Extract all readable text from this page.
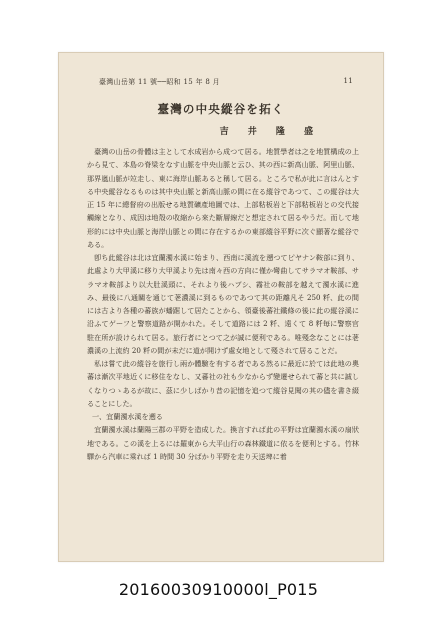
臺灣山岳第 11 號──昭和 15 年 8 月	11
臺灣の中央縱谷を拓く
吉 井 隆 盛

臺灣の山岳の骨體は主として水成岩から成つて居る。地質學者は之を地質構成の上から見て、本島の脊梁をなす山脈を中央山脈と云ひ、其の西に新高山脈、阿里山脈、那界嵐山脈が竝走し、東に海岸山脈あると稱して居る。ところで私が此に言はんとする中央縱谷なるものは其中央山脈と新高山脈の間に在る縱谷であつて、この縱谷は大正 15 年に總督府の出版せる地質礦產地圖では、上部粘板岩と下部粘板岩との交代接觸線となり、成因は地殼の收縮から來た斷層線だと想定されて居るやうだ。而して地形的には中央山脈と海岸山脈との間に存在するかの東部縱谷平野に次ぐ顯著な縱谷である。

卽ち此縱谷は北は宜蘭濁水溪に始まり、西南に溪流を遡つてピヤナン鞍部に到り、此處より大甲溪に移り大甲溪より先は南々西の方向に僅か彎曲してサラマオ鞍部、サラマオ鞍部より以大肚溪頭に、それより後ハブシ、霧社の鞍部を越えて濁水溪に進み、最後に八通關を通じて荖濃溪に到るものであつて其の距離凡そ 250 粁、此の間には古より各種の蕃族が蟠踞して居たことから、領臺後蕃社鐵條の後に此の縱谷溪に沿ふてゲーフと警察道路が開かれた。そして道路には 2 粁、遠くて 8 粁毎に警察官駐在所が設けられて居る。旅行者にとつて之が誠に便利である。唯殘念なことには荖濃溪の上流約 20 粁の間が未だに道が開けず處女地として殘されて居ることだ。

私は嘗て此の縱谷を旅行し兩か體驗を有する者である然るに最近に於ては此地の奧蕃は漸次平地近くに移住をなし、又蕃社の社も少なからず變遷せられて蕃と共に誠しくなりつゝあるが故に、茲に少しばかり昔の記憶を追つて縱谷見聞の其の儘を書き綴ることにした。

一、宜蘭濁水溪を遡る

宜蘭濁水溪は蘭陽三郡の平野を造成した。換言すれば此の平野は宜蘭濁水溪の扇狀地である。この溪を上るには羅東から大平山行の森林鐵道に依るを便利とする。竹林驛から汽車に乘れば 1 時間 30 分ばかり平野を走り天送埤に着

20160030910000l_P015
